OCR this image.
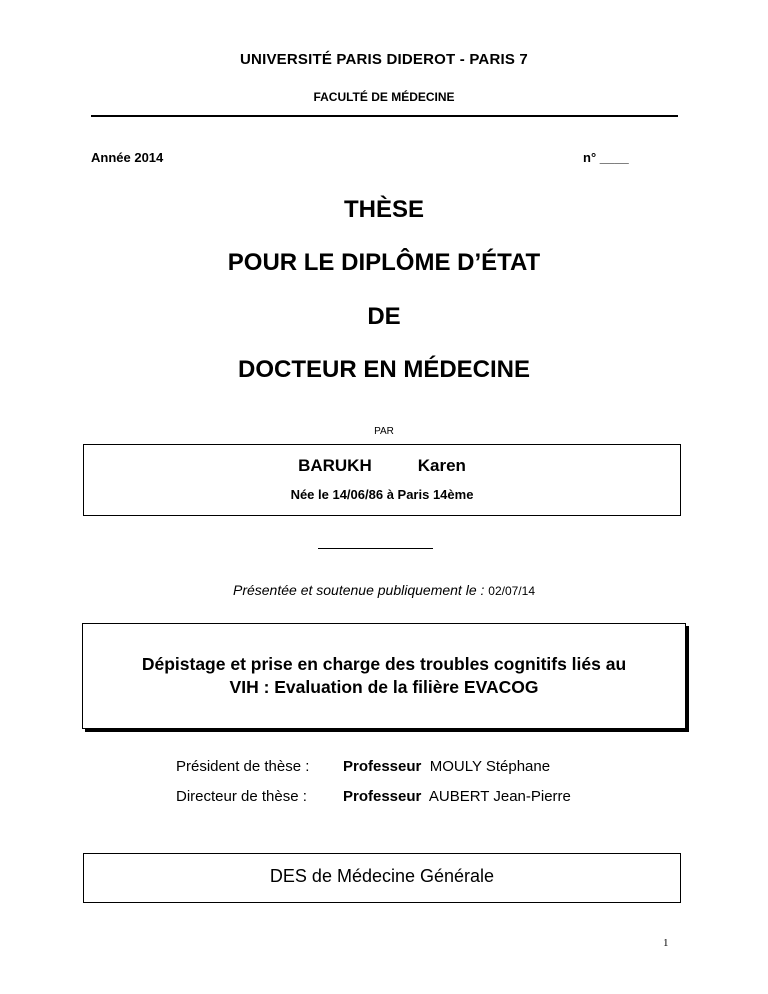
UNIVERSITÉ PARIS DIDEROT - PARIS 7
FACULTÉ DE MÉDECINE
Année 2014	n° ____
THÈSE
POUR LE DIPLÔME D’ÉTAT
DE
DOCTEUR EN MÉDECINE
PAR
BARUKH	Karen
Née le 14/06/86 à Paris 14ème
Présentée et soutenue publiquement le : 02/07/14
Dépistage et prise en charge des troubles cognitifs liés au
VIH : Evaluation de la filière EVACOG
Président de thèse : Professeur MOULY Stéphane
Directeur de thèse : Professeur AUBERT Jean-Pierre
DES de Médecine Générale
1
